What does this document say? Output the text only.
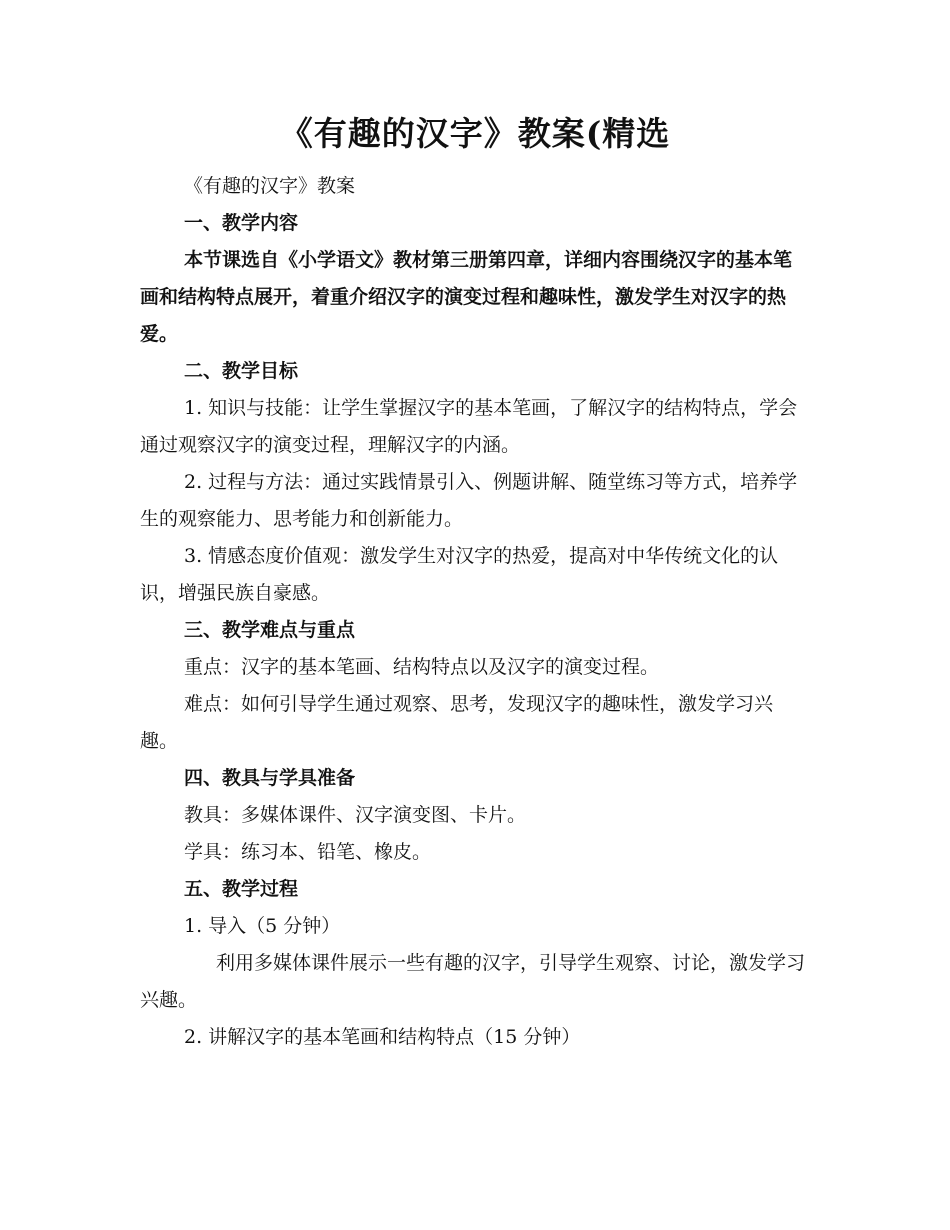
《有趣的汉字》教案(精选

《有趣的汉字》教案

一、教学内容

本节课选自《小学语文》教材第三册第四章，详细内容围绕汉字的基本笔画和结构特点展开，着重介绍汉字的演变过程和趣味性，激发学生对汉字的热爱。

二、教学目标

1. 知识与技能：让学生掌握汉字的基本笔画，了解汉字的结构特点，学会通过观察汉字的演变过程，理解汉字的内涵。

2. 过程与方法：通过实践情景引入、例题讲解、随堂练习等方式，培养学生的观察能力、思考能力和创新能力。

3. 情感态度价值观：激发学生对汉字的热爱，提高对中华传统文化的认识，增强民族自豪感。

三、教学难点与重点

重点：汉字的基本笔画、结构特点以及汉字的演变过程。

难点：如何引导学生通过观察、思考，发现汉字的趣味性，激发学习兴趣。

四、教具与学具准备

教具：多媒体课件、汉字演变图、卡片。

学具：练习本、铅笔、橡皮。

五、教学过程

1. 导入（5 分钟）

利用多媒体课件展示一些有趣的汉字，引导学生观察、讨论，激发学习兴趣。

2. 讲解汉字的基本笔画和结构特点（15 分钟）
